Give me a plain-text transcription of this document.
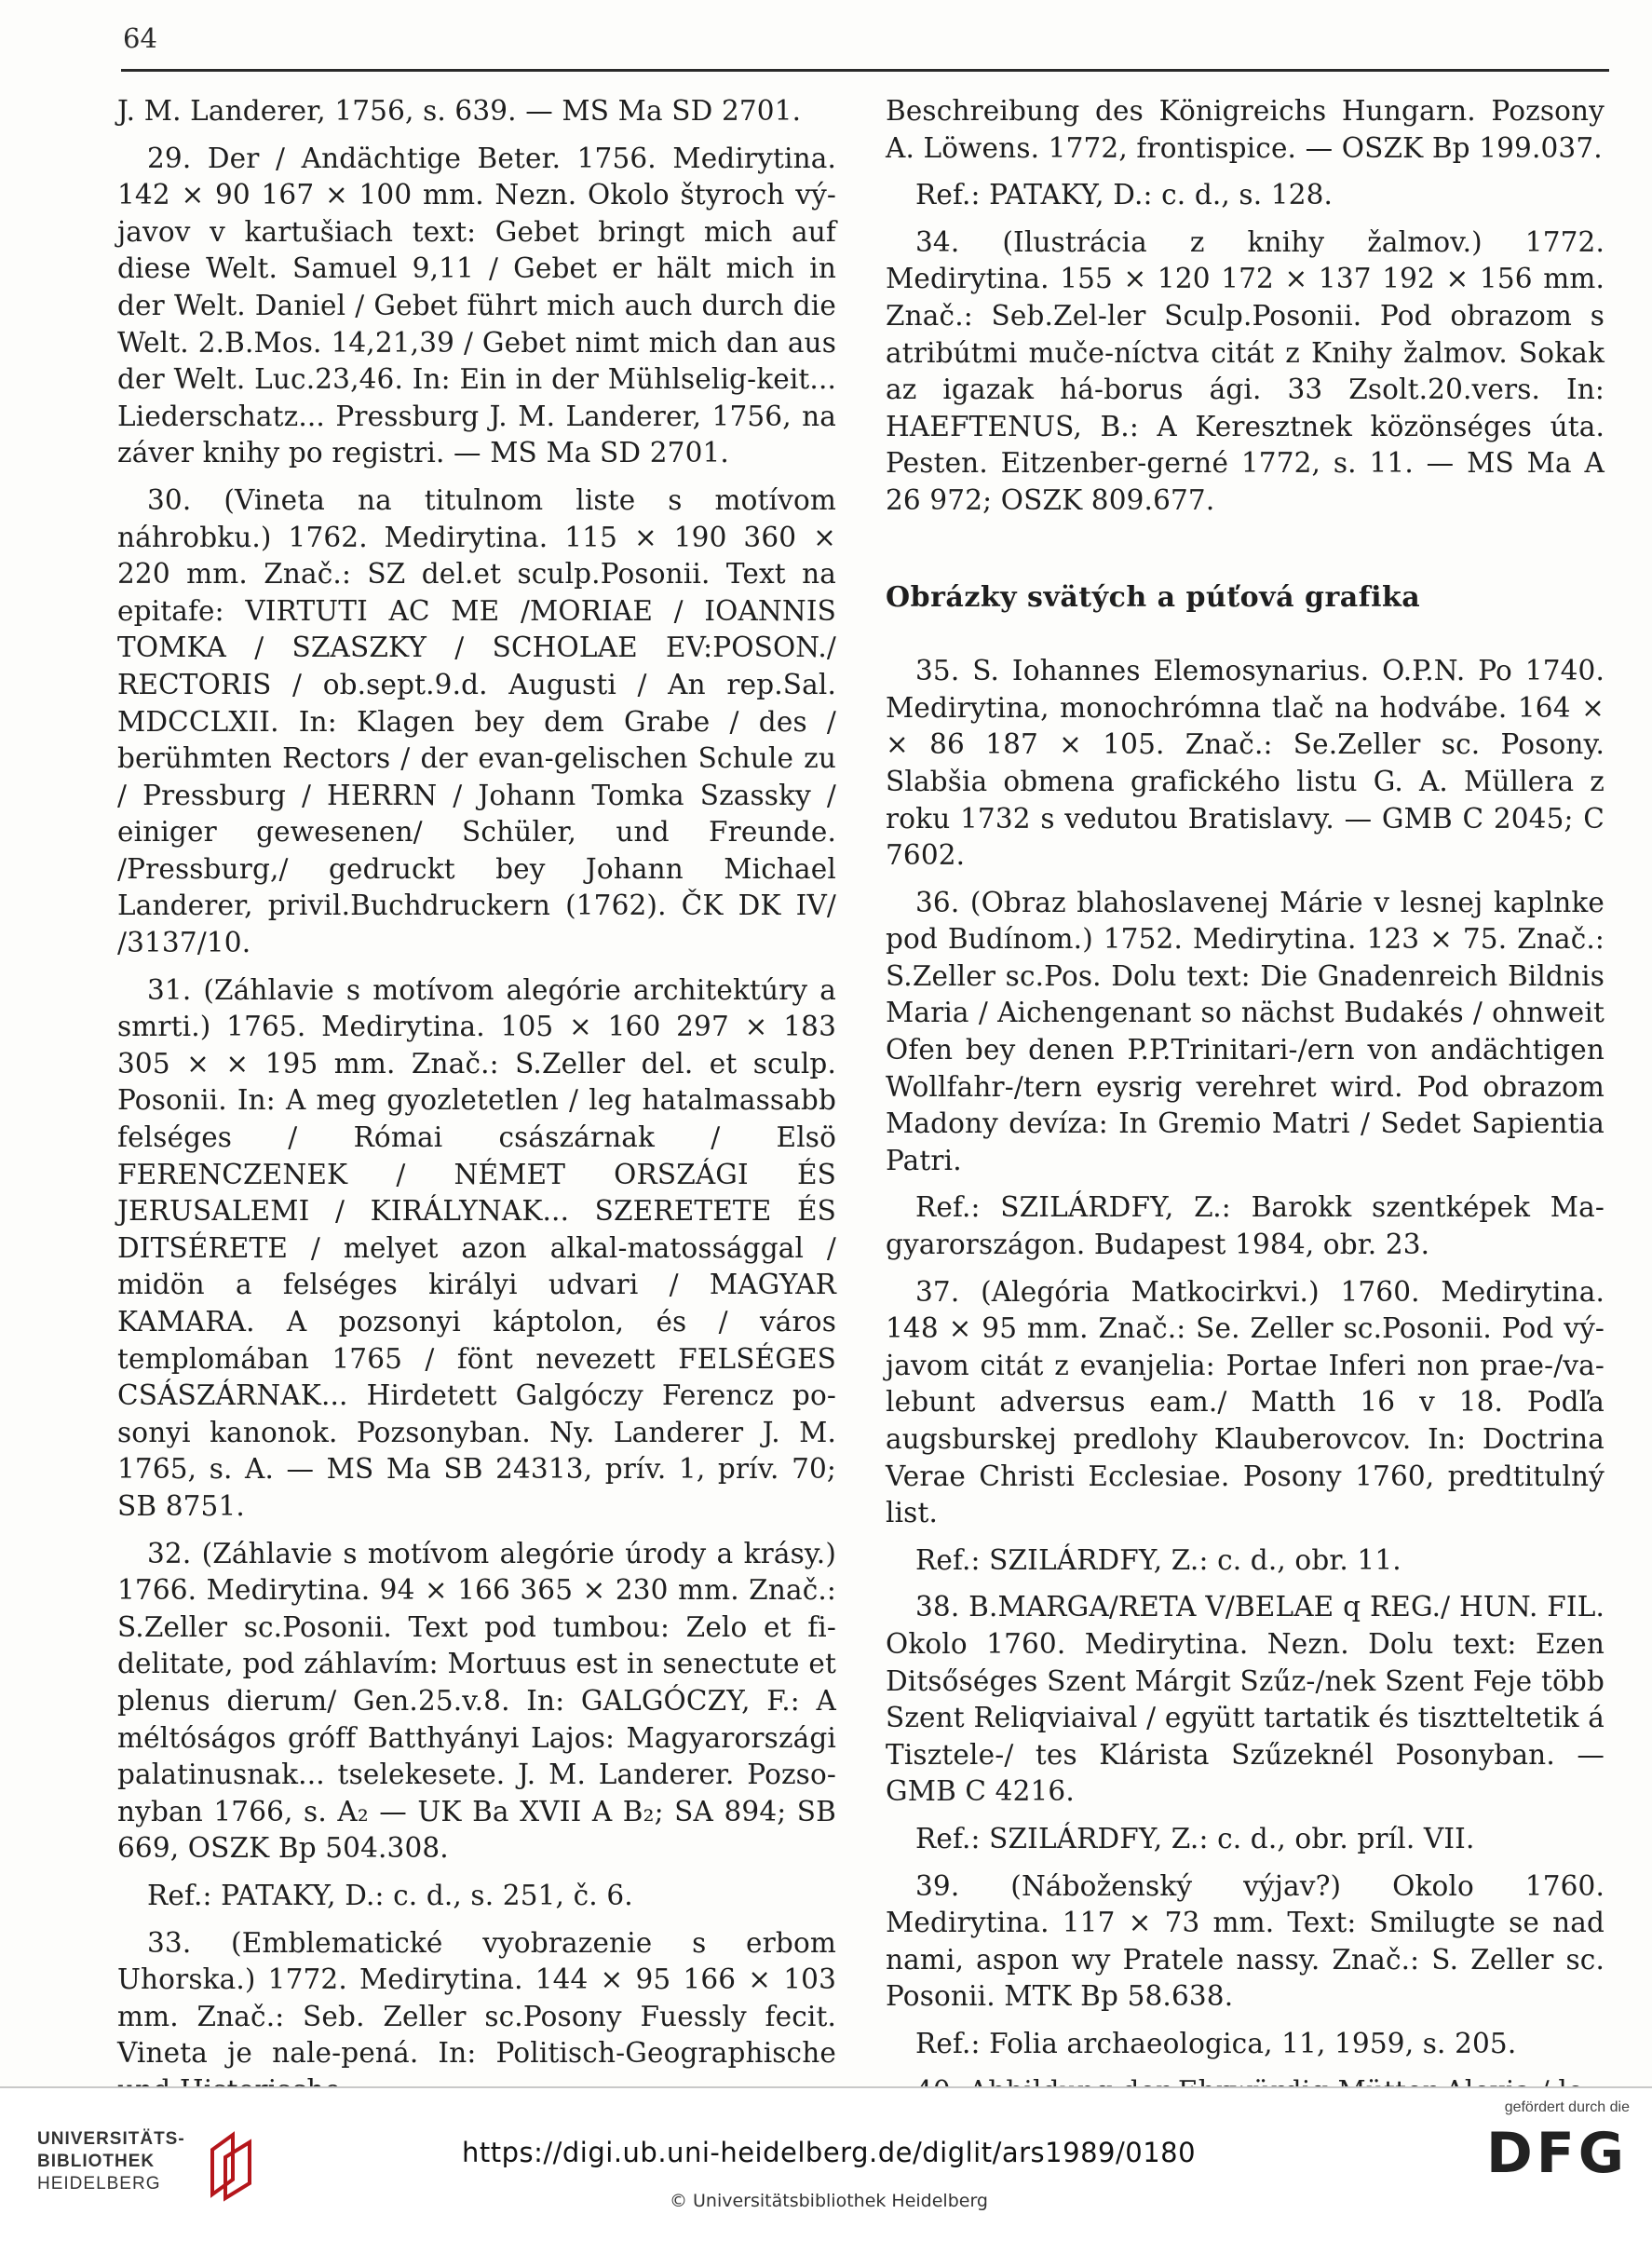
64

J. M. Landerer, 1756, s. 639. — MS Ma SD 2701.

29. Der / Andächtige Beter. 1756. Medirytina. 142 × 90 167 × 100 mm. Nezn. Okolo štyroch vý-javov v kartušiach text: Gebet bringt mich auf diese Welt. Samuel 9,11 / Gebet er hält mich in der Welt. Daniel / Gebet führt mich auch durch die Welt. 2.B.Mos. 14,21,39 / Gebet nimt mich dan aus der Welt. Luc.23,46. In: Ein in der Mühlselig-keit... Liederschatz... Pressburg J. M. Landerer, 1756, na záver knihy po registri. — MS Ma SD 2701.

30. (Vineta na titulnom liste s motívom náhrobku.) 1762. Medirytina. 115 × 190 360 × 220 mm. Znač.: SZ del.et sculp.Posonii. Text na epitafe: VIRTUTI AC ME /MORIAE / IOANNIS TOMKA / SZASZKY / SCHOLAE EV:POSON./ RECTORIS / ob.sept.9.d. Augusti / An rep.Sal. MDCCLXII. In: Klagen bey dem Grabe / des / berühmten Rectors / der evan-gelischen Schule zu / Pressburg / HERRN / Johann Tomka Szassky / einiger gewesenen/ Schüler, und Freunde. /Pressburg,/ gedruckt bey Johann Michael Landerer, privil.Buchdruckern (1762). ČK DK IV/ /3137/10.

31. (Záhlavie s motívom alegórie architektúry a smrti.) 1765. Medirytina. 105 × 160 297 × 183 305 × × 195 mm. Znač.: S.Zeller del. et sculp. Posonii. In: A meg gyozletetlen / leg hatalmassabb felséges / Római császárnak / Elsö FERENCZENEK / NÉMET ORSZÁGI ÉS JERUSALEMI / KIRÁLYNAK... SZERETETE ÉS DITSÉRETE / melyet azon alkal-matossággal / midön a felséges királyi udvari / MAGYAR KAMARA. A pozsonyi káptolon, és / város templomában 1765 / fönt nevezett FELSÉGES CSÁSZÁRNAK... Hirdetett Galgóczy Ferencz po-sonyi kanonok. Pozsonyban. Ny. Landerer J. M. 1765, s. A. — MS Ma SB 24313, prív. 1, prív. 70; SB 8751.

32. (Záhlavie s motívom alegórie úrody a krásy.) 1766. Medirytina. 94 × 166 365 × 230 mm. Znač.: S.Zeller sc.Posonii. Text pod tumbou: Zelo et fi-delitate, pod záhlavím: Mortuus est in senectute et plenus dierum/ Gen.25.v.8. In: GALGÓCZY, F.: A méltóságos gróff Batthyányi Lajos: Magyarországi palatinusnak... tselekesete. J. M. Landerer. Pozso-nyban 1766, s. A₂ — UK Ba XVII A B₂; SA 894; SB 669, OSZK Bp 504.308.

Ref.: PATAKY, D.: c. d., s. 251, č. 6.

33. (Emblematické vyobrazenie s erbom Uhorska.) 1772. Medirytina. 144 × 95 166 × 103 mm. Znač.: Seb. Zeller sc.Posony Fuessly fecit. Vineta je nale-pená. In: Politisch-Geographische

Beschreibung des Königreichs Hungarn. Pozsony A. Löwens. 1772, frontispice. — OSZK Bp 199.037.

Ref.: PATAKY, D.: c. d., s. 128.

34. (Ilustrácia z knihy žalmov.) 1772. Medirytina. 155 × 120 172 × 137 192 × 156 mm. Znač.: Seb.Zel-ler Sculp.Posonii. Pod obrazom s atribútmi muče-níctva citát z Knihy žalmov. Sokak az igazak há-borus ági. 33 Zsolt.20.vers. In: HAEFTENUS, B.: A Keresztnek közönséges úta. Pesten. Eitzenber-gerné 1772, s. 11. — MS Ma A 26 972; OSZK 809.677.

Obrázky svätých a púťová grafika

35. S. Iohannes Elemosynarius. O.P.N. Po 1740. Medirytina, monochrómna tlač na hodvábe. 164 × × 86 187 × 105. Znač.: Se.Zeller sc. Posony. Slabšia obmena grafického listu G. A. Müllera z roku 1732 s vedutou Bratislavy. — GMB C 2045; C 7602.

36. (Obraz blahoslavenej Márie v lesnej kaplnke pod Budínom.) 1752. Medirytina. 123 × 75. Znač.: S.Zeller sc.Pos. Dolu text: Die Gnadenreich Bildnis Maria / Aichengenant so nächst Budakés / ohnweit Ofen bey denen P.P.Trinitari-/ern von andächtigen Wollfahr-/tern eysrig verehret wird. Pod obrazom Madony devíza: In Gremio Matri / Sedet Sapientia Patri.

Ref.: SZILÁRDFY, Z.: Barokk szentképek Ma-gyarországon. Budapest 1984, obr. 23.

37. (Alegória Matkocirkvi.) 1760. Medirytina. 148 × 95 mm. Znač.: Se. Zeller sc.Posonii. Pod vý-javom citát z evanjelia: Portae Inferi non prae-/va-lebunt adversus eam./ Matth 16 v 18. Podľa augsburskej predlohy Klauberovcov. In: Doctrina Verae Christi Ecclesiae. Posony 1760, predtitulný list.

Ref.: SZILÁRDFY, Z.: c. d., obr. 11.

38. B.MARGA/RETA V/BELAE q REG./ HUN. FIL. Okolo 1760. Medirytina. Nezn. Dolu text: Ezen Ditsőséges Szent Márgit Szűz-/nek Szent Feje több Szent Reliqviaival / együtt tartatik és tisztteltetik á Tisztele-/ tes Klárista Szűzeknél Posonyban. — GMB C 4216.

Ref.: SZILÁRDFY, Z.: c. d., obr. príl. VII.

39. (Náboženský výjav?) Okolo 1760. Medirytina. 117 × 73 mm. Text: Smilugte se nad nami, aspon wy Pratele nassy. Znač.: S. Zeller sc. Posonii. MTK Bp 58.638.

Ref.: Folia archaeologica, 11, 1959, s. 205.

UNIVERSITÄTS-
BIBLIOTHEK
HEIDELBERG
https://digi.ub.uni-heidelberg.de/diglit/ars1989/0180
© Universitätsbibliothek Heidelberg
gefördert durch die
DFG
